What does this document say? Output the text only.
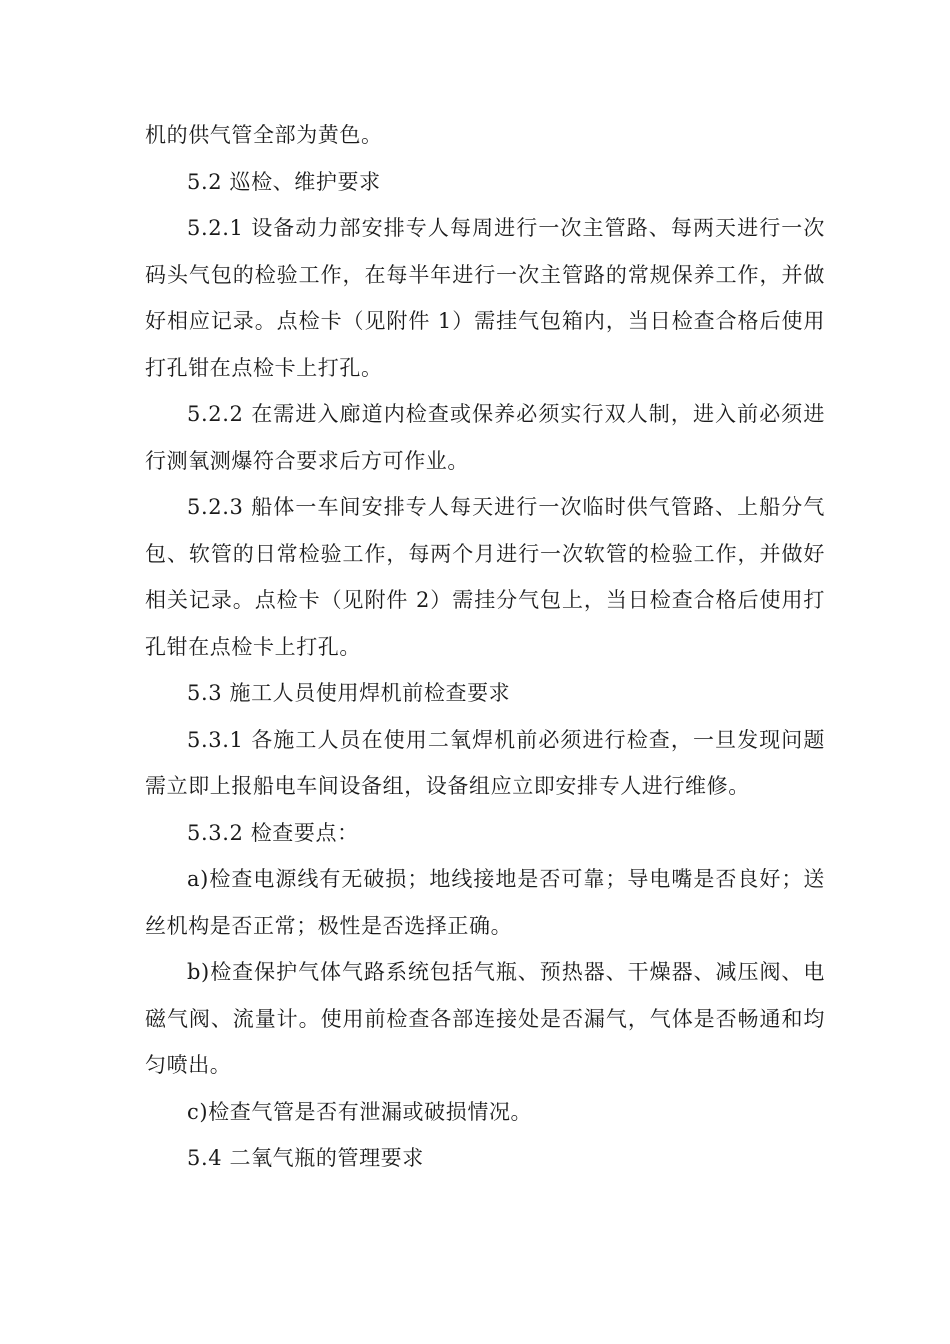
机的供气管全部为黄色。

5.2 巡检、维护要求

5.2.1 设备动力部安排专人每周进行一次主管路、每两天进行一次码头气包的检验工作，在每半年进行一次主管路的常规保养工作，并做好相应记录。点检卡（见附件 1）需挂气包箱内，当日检查合格后使用打孔钳在点检卡上打孔。

5.2.2 在需进入廊道内检查或保养必须实行双人制，进入前必须进行测氧测爆符合要求后方可作业。

5.2.3 船体一车间安排专人每天进行一次临时供气管路、上船分气包、软管的日常检验工作，每两个月进行一次软管的检验工作，并做好相关记录。点检卡（见附件 2）需挂分气包上，当日检查合格后使用打孔钳在点检卡上打孔。

5.3 施工人员使用焊机前检查要求

5.3.1 各施工人员在使用二氧焊机前必须进行检查，一旦发现问题需立即上报船电车间设备组，设备组应立即安排专人进行维修。

5.3.2 检查要点：

a)检查电源线有无破损；地线接地是否可靠；导电嘴是否良好；送丝机构是否正常；极性是否选择正确。

b)检查保护气体气路系统包括气瓶、预热器、干燥器、减压阀、电磁气阀、流量计。使用前检查各部连接处是否漏气，气体是否畅通和均匀喷出。

c)检查气管是否有泄漏或破损情况。

5.4 二氧气瓶的管理要求
